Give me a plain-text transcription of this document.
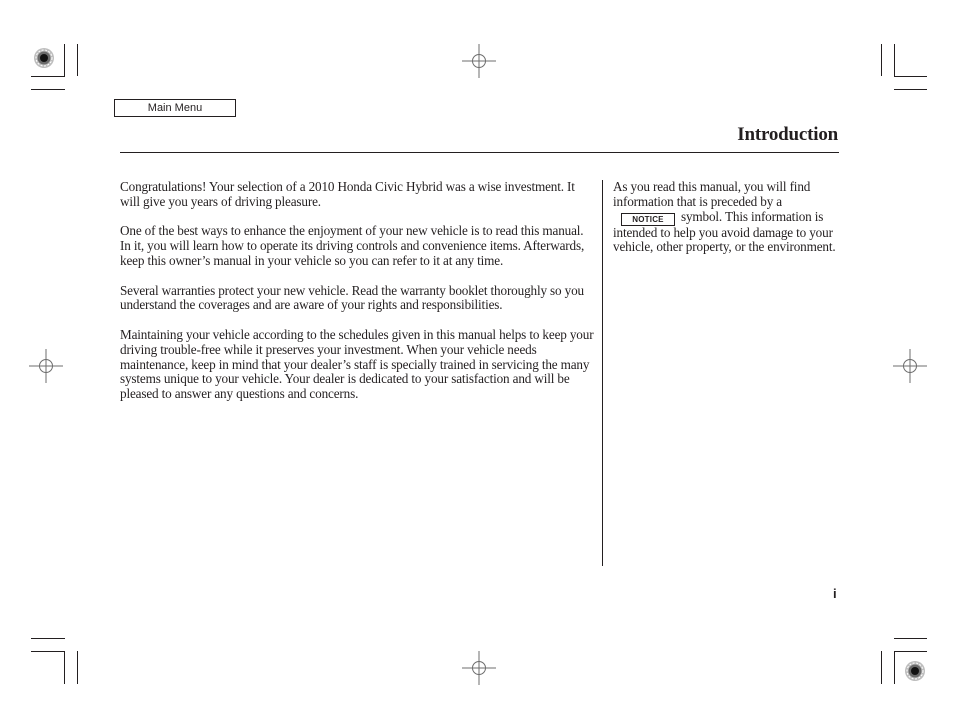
Main Menu
Introduction

Congratulations! Your selection of a 2010 Honda Civic Hybrid was a wise investment. It will give you years of driving pleasure.

One of the best ways to enhance the enjoyment of your new vehicle is to read this manual. In it, you will learn how to operate its driving controls and convenience items. Afterwards, keep this owner’s manual in your vehicle so you can refer to it at any time.

Several warranties protect your new vehicle. Read the warranty booklet thoroughly so you understand the coverages and are aware of your rights and responsibilities.

Maintaining your vehicle according to the schedules given in this manual helps to keep your driving trouble-free while it preserves your investment. When your vehicle needs maintenance, keep in mind that your dealer’s staff is specially trained in servicing the many systems unique to your vehicle. Your dealer is dedicated to your satisfaction and will be pleased to answer any questions and concerns.

As you read this manual, you will find information that is preceded by aNOTICE symbol. This information is intended to help you avoid damage to your vehicle, other property, or the environment.

i
